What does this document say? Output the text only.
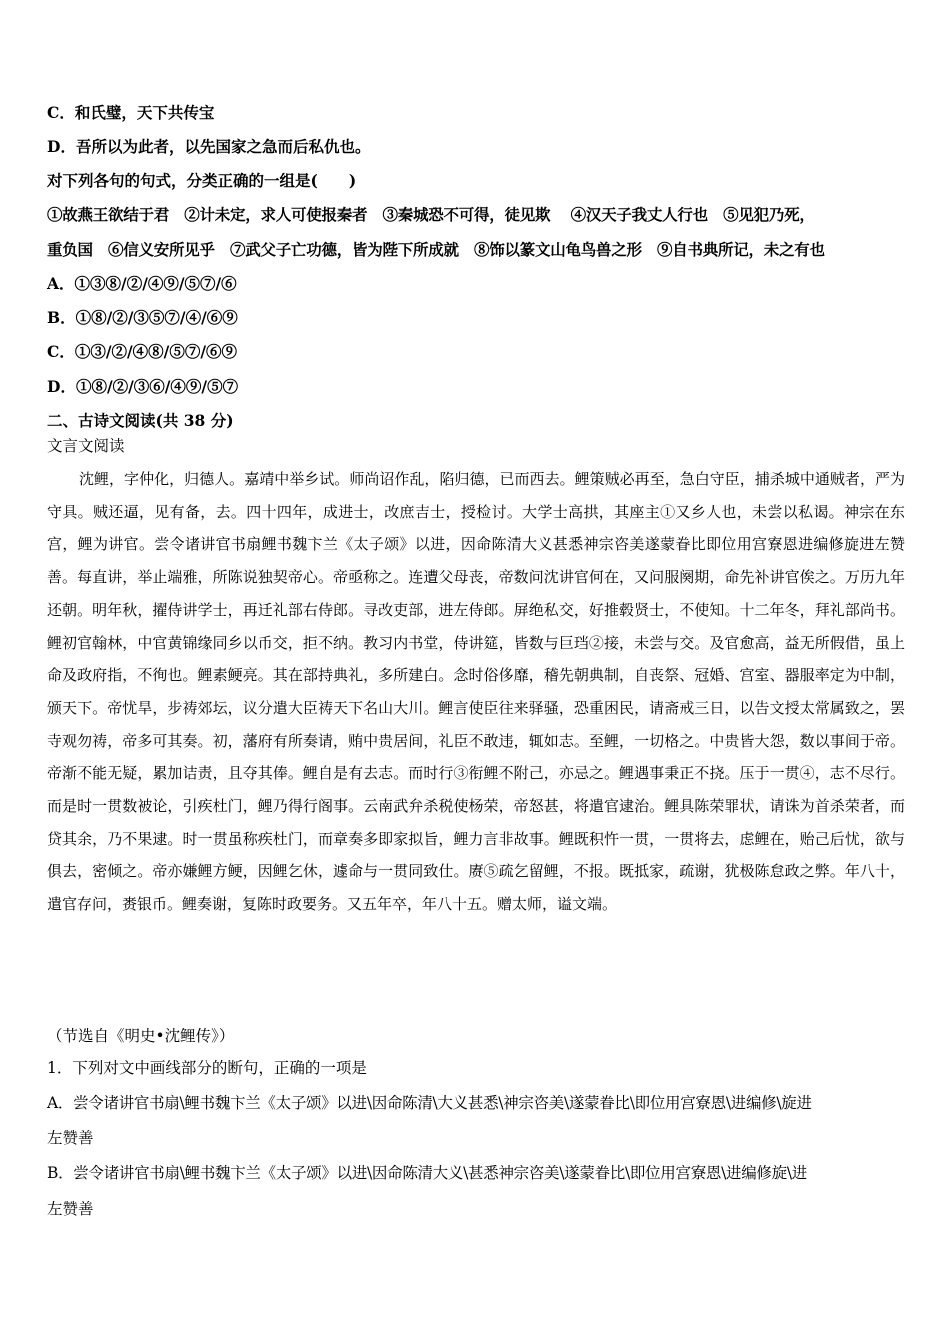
C．和氏璧，天下共传宝
D．吾所以为此者，以先国家之急而后私仇也。
对下列各句的句式，分类正确的一组是(　　)
①故燕王欲结于君　②计未定，求人可使报秦者　③秦城恐不可得，徒见欺　 ④汉天子我丈人行也　⑤见犯乃死，
重负国　⑥信义安所见乎　⑦武父子亡功德，皆为陛下所成就　⑧饰以篆文山龟鸟兽之形　⑨自书典所记，未之有也
A．①③⑧/②/④⑨/⑤⑦/⑥
B．①⑧/②/③⑤⑦/④/⑥⑨
C．①③/②/④⑧/⑤⑦/⑥⑨
D．①⑧/②/③⑥/④⑨/⑤⑦
二、古诗文阅读(共 38 分)
文言文阅读

沈鲤，字仲化，归德人。嘉靖中举乡试。师尚诏作乱，陷归德，已而西去。鲤策贼必再至，急白守臣，捕杀城中通贼者，严为守具。贼还逼，见有备，去。四十四年，成进士，改庶吉士，授检讨。大学士高拱，其座主①又乡人也，未尝以私谒。神宗在东宫，鲤为讲官。尝令诸讲官书扇鲤书魏卞兰《太子颂》以进，因命陈清大义甚悉神宗咨美遂蒙眷比即位用宫寮恩进编修旋进左赞善。每直讲，举止端雅，所陈说独契帝心。帝亟称之。连遭父母丧，帝数问沈讲官何在，又问服阕期，命先补讲官俟之。万历九年还朝。明年秋，擢侍讲学士，再迁礼部右侍郎。寻改吏部，进左侍郎。屏绝私交，好推毂贤士，不使知。十二年冬，拜礼部尚书。鲤初官翰林，中官黄锦缘同乡以币交，拒不纳。教习内书堂，侍讲筵，皆数与巨珰②接，未尝与交。及官愈高，益无所假借，虽上命及政府指，不徇也。鲤素鲠亮。其在部持典礼，多所建白。念时俗侈靡，稽先朝典制，自丧祭、冠婚、宫室、器服率定为中制，颁天下。帝忧旱，步祷郊坛，议分遣大臣祷天下名山大川。鲤言使臣往来驿骚，恐重困民，请斋戒三日，以告文授太常属致之，罢寺观勿祷，帝多可其奏。初，藩府有所奏请，贿中贵居间，礼臣不敢违，辄如志。至鲤，一切格之。中贵皆大怨，数以事间于帝。帝渐不能无疑，累加诘责，且夺其俸。鲤自是有去志。而时行③衔鲤不附己，亦忌之。鲤遇事秉正不挠。压于一贯④，志不尽行。而是时一贯数被论，引疾杜门，鲤乃得行阁事。云南武弁杀税使杨荣，帝怒甚，将遣官逮治。鲤具陈荣罪状，请诛为首杀荣者，而贷其余，乃不果逮。时一贯虽称疾杜门，而章奏多即家拟旨，鲤力言非故事。鲤既积忤一贯，一贯将去，虑鲤在，贻己后忧，欲与俱去，密倾之。帝亦嫌鲤方鲠，因鲤乞休，遽命与一贯同致仕。赓⑤疏乞留鲤，不报。既抵家，疏谢，犹极陈怠政之弊。年八十，遣官存问，赉银币。鲤奏谢，复陈时政要务。又五年卒，年八十五。赠太师，谥文端。

（节选自《明史•沈鲤传》）
1．下列对文中画线部分的断句，正确的一项是
A．尝令诸讲官书扇\鲤书魏卞兰《太子颂》以进\因命陈清\大义甚悉\神宗咨美\遂蒙眷比\即位用宫寮恩\进编修\旋进
左赞善
B．尝令诸讲官书扇\鲤书魏卞兰《太子颂》以进\因命陈清大义\甚悉神宗咨美\遂蒙眷比\即位用宫寮恩\进编修旋\进
左赞善
